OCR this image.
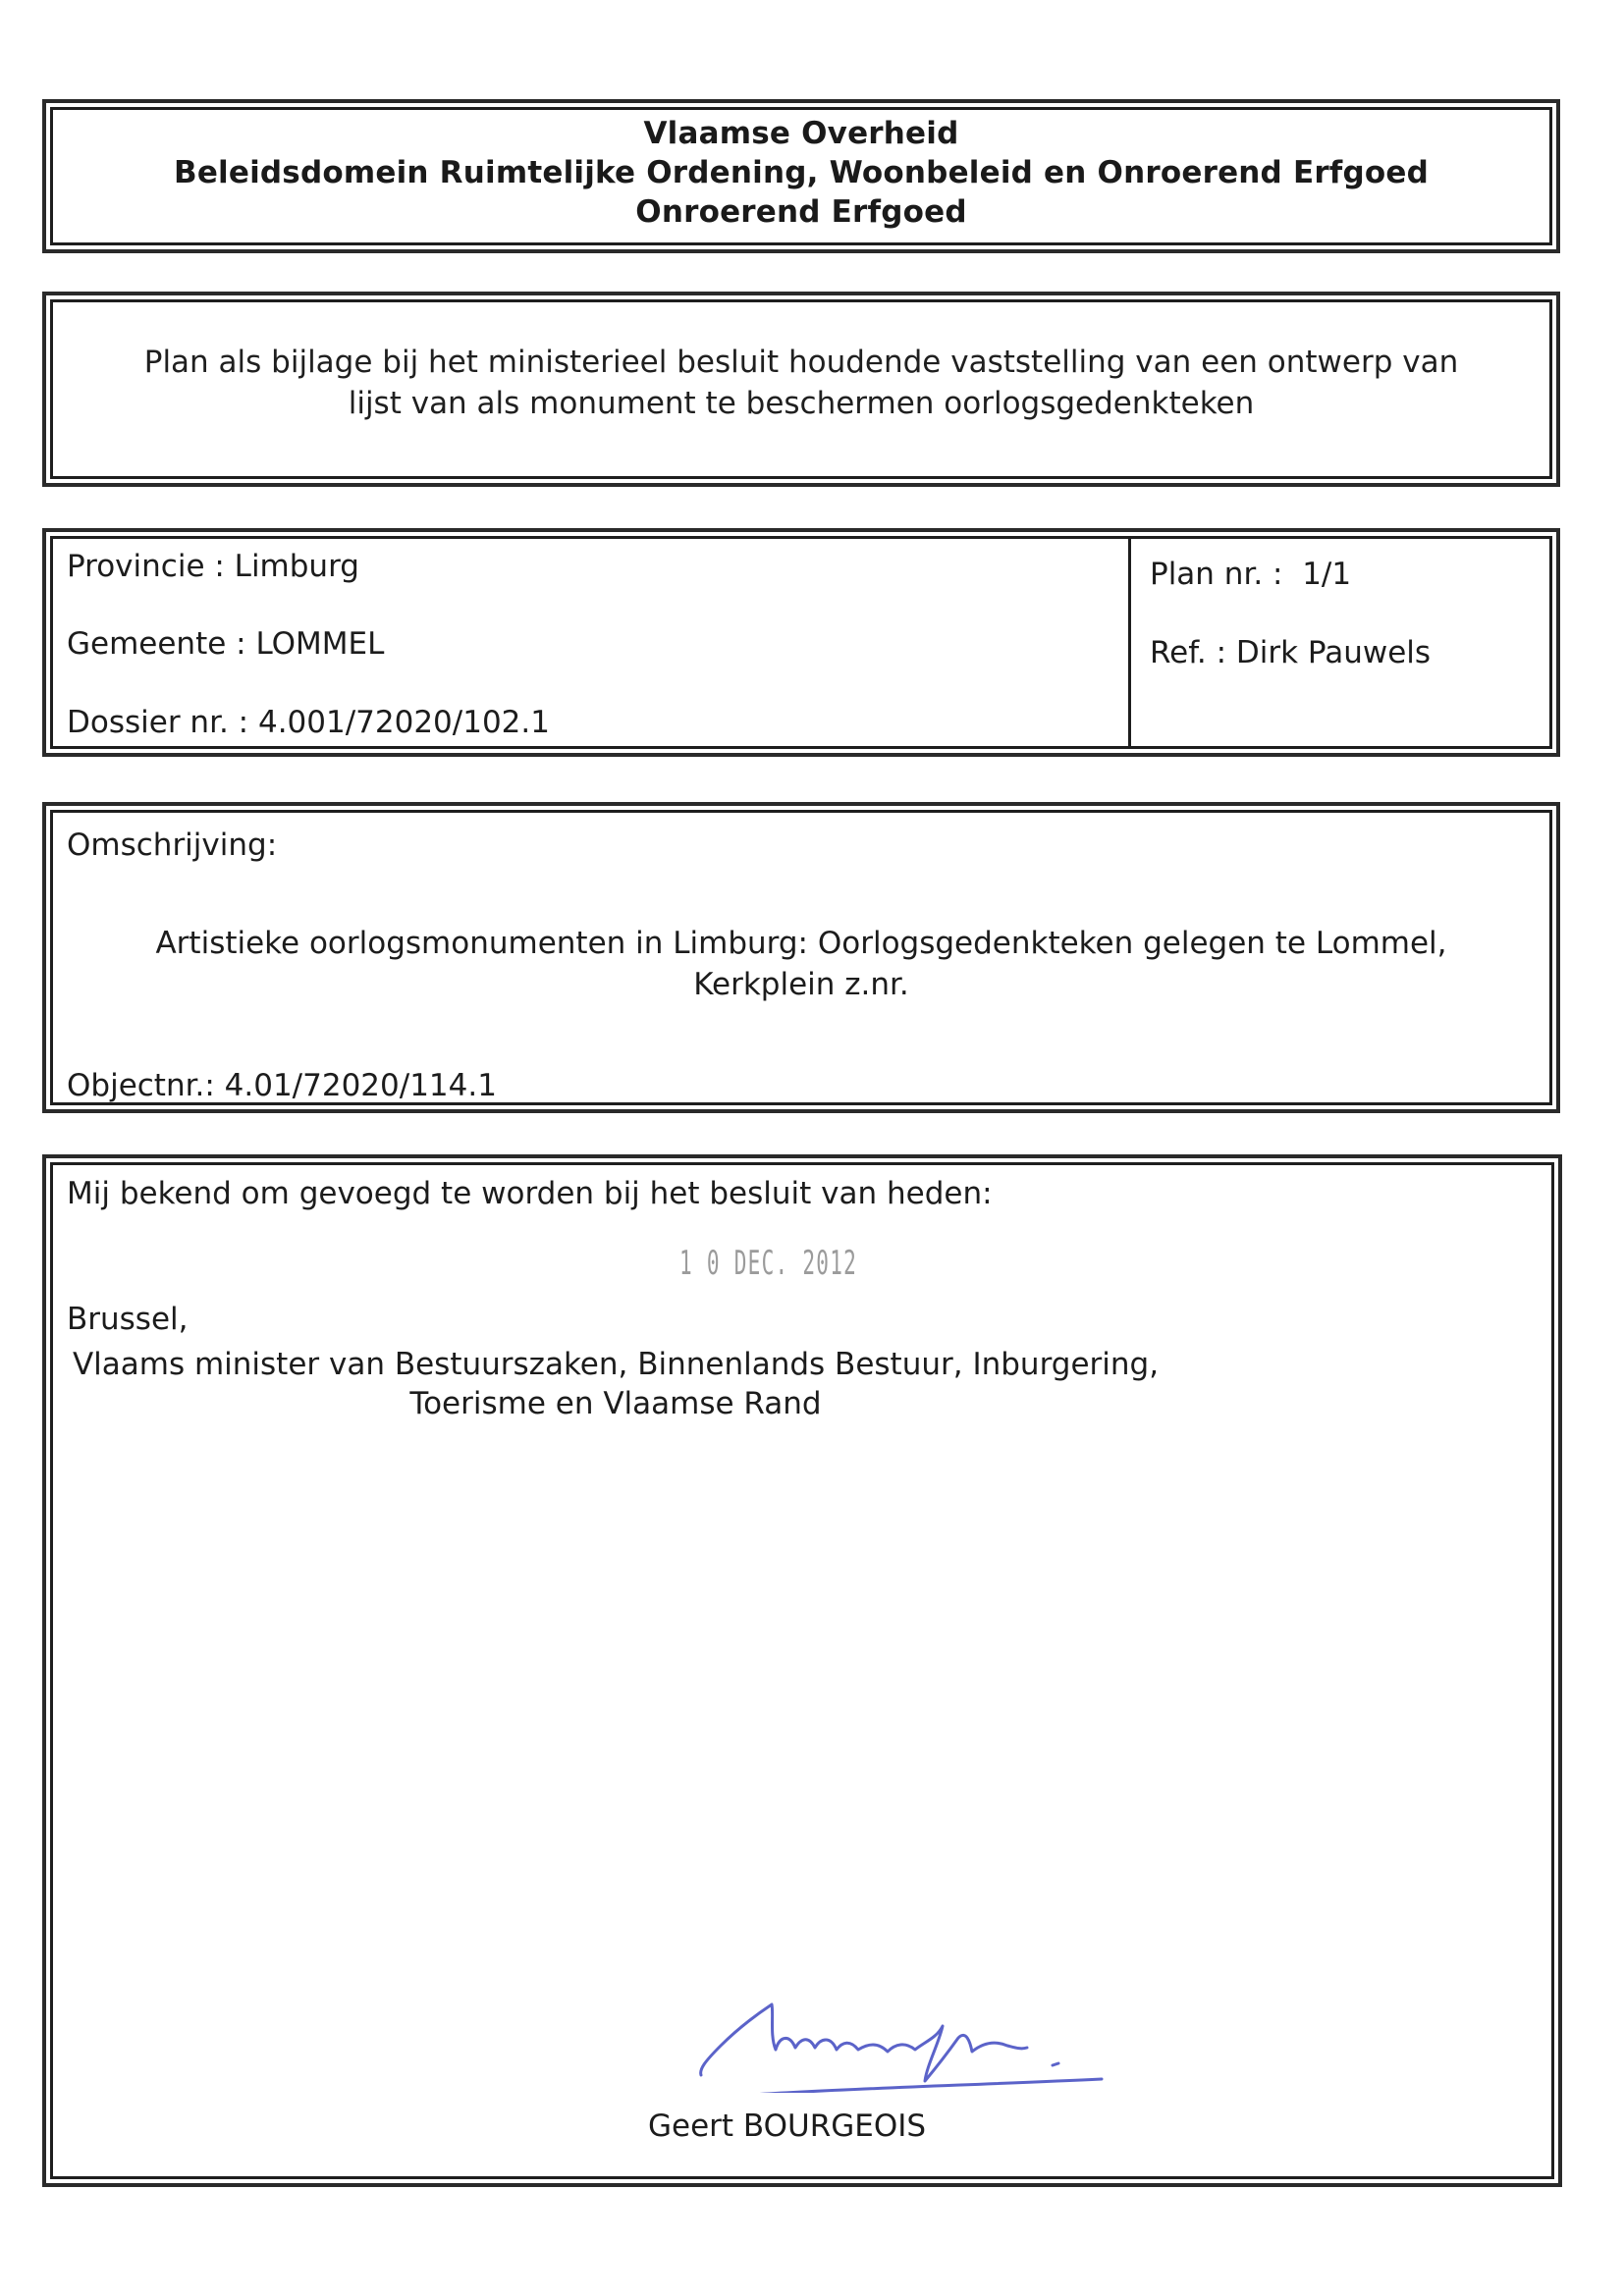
Vlaamse Overheid
Beleidsdomein Ruimtelijke Ordening, Woonbeleid en Onroerend Erfgoed
Onroerend Erfgoed
Plan als bijlage bij het ministerieel besluit houdende vaststelling van een ontwerp van
lijst van als monument te beschermen oorlogsgedenkteken
Provincie : Limburg
Gemeente : LOMMEL
Dossier nr. : 4.001/72020/102.1
Plan nr. :  1/1
Ref. : Dirk Pauwels
Omschrijving:
Artistieke oorlogsmonumenten in Limburg: Oorlogsgedenkteken gelegen te Lommel,
Kerkplein z.nr.
Objectnr.: 4.01/72020/114.1
Mij bekend om gevoegd te worden bij het besluit van heden:
1 0 DEC. 2012
Brussel,
Vlaams minister van Bestuurszaken, Binnenlands Bestuur, Inburgering,
Toerisme en Vlaamse Rand
Geert BOURGEOIS
